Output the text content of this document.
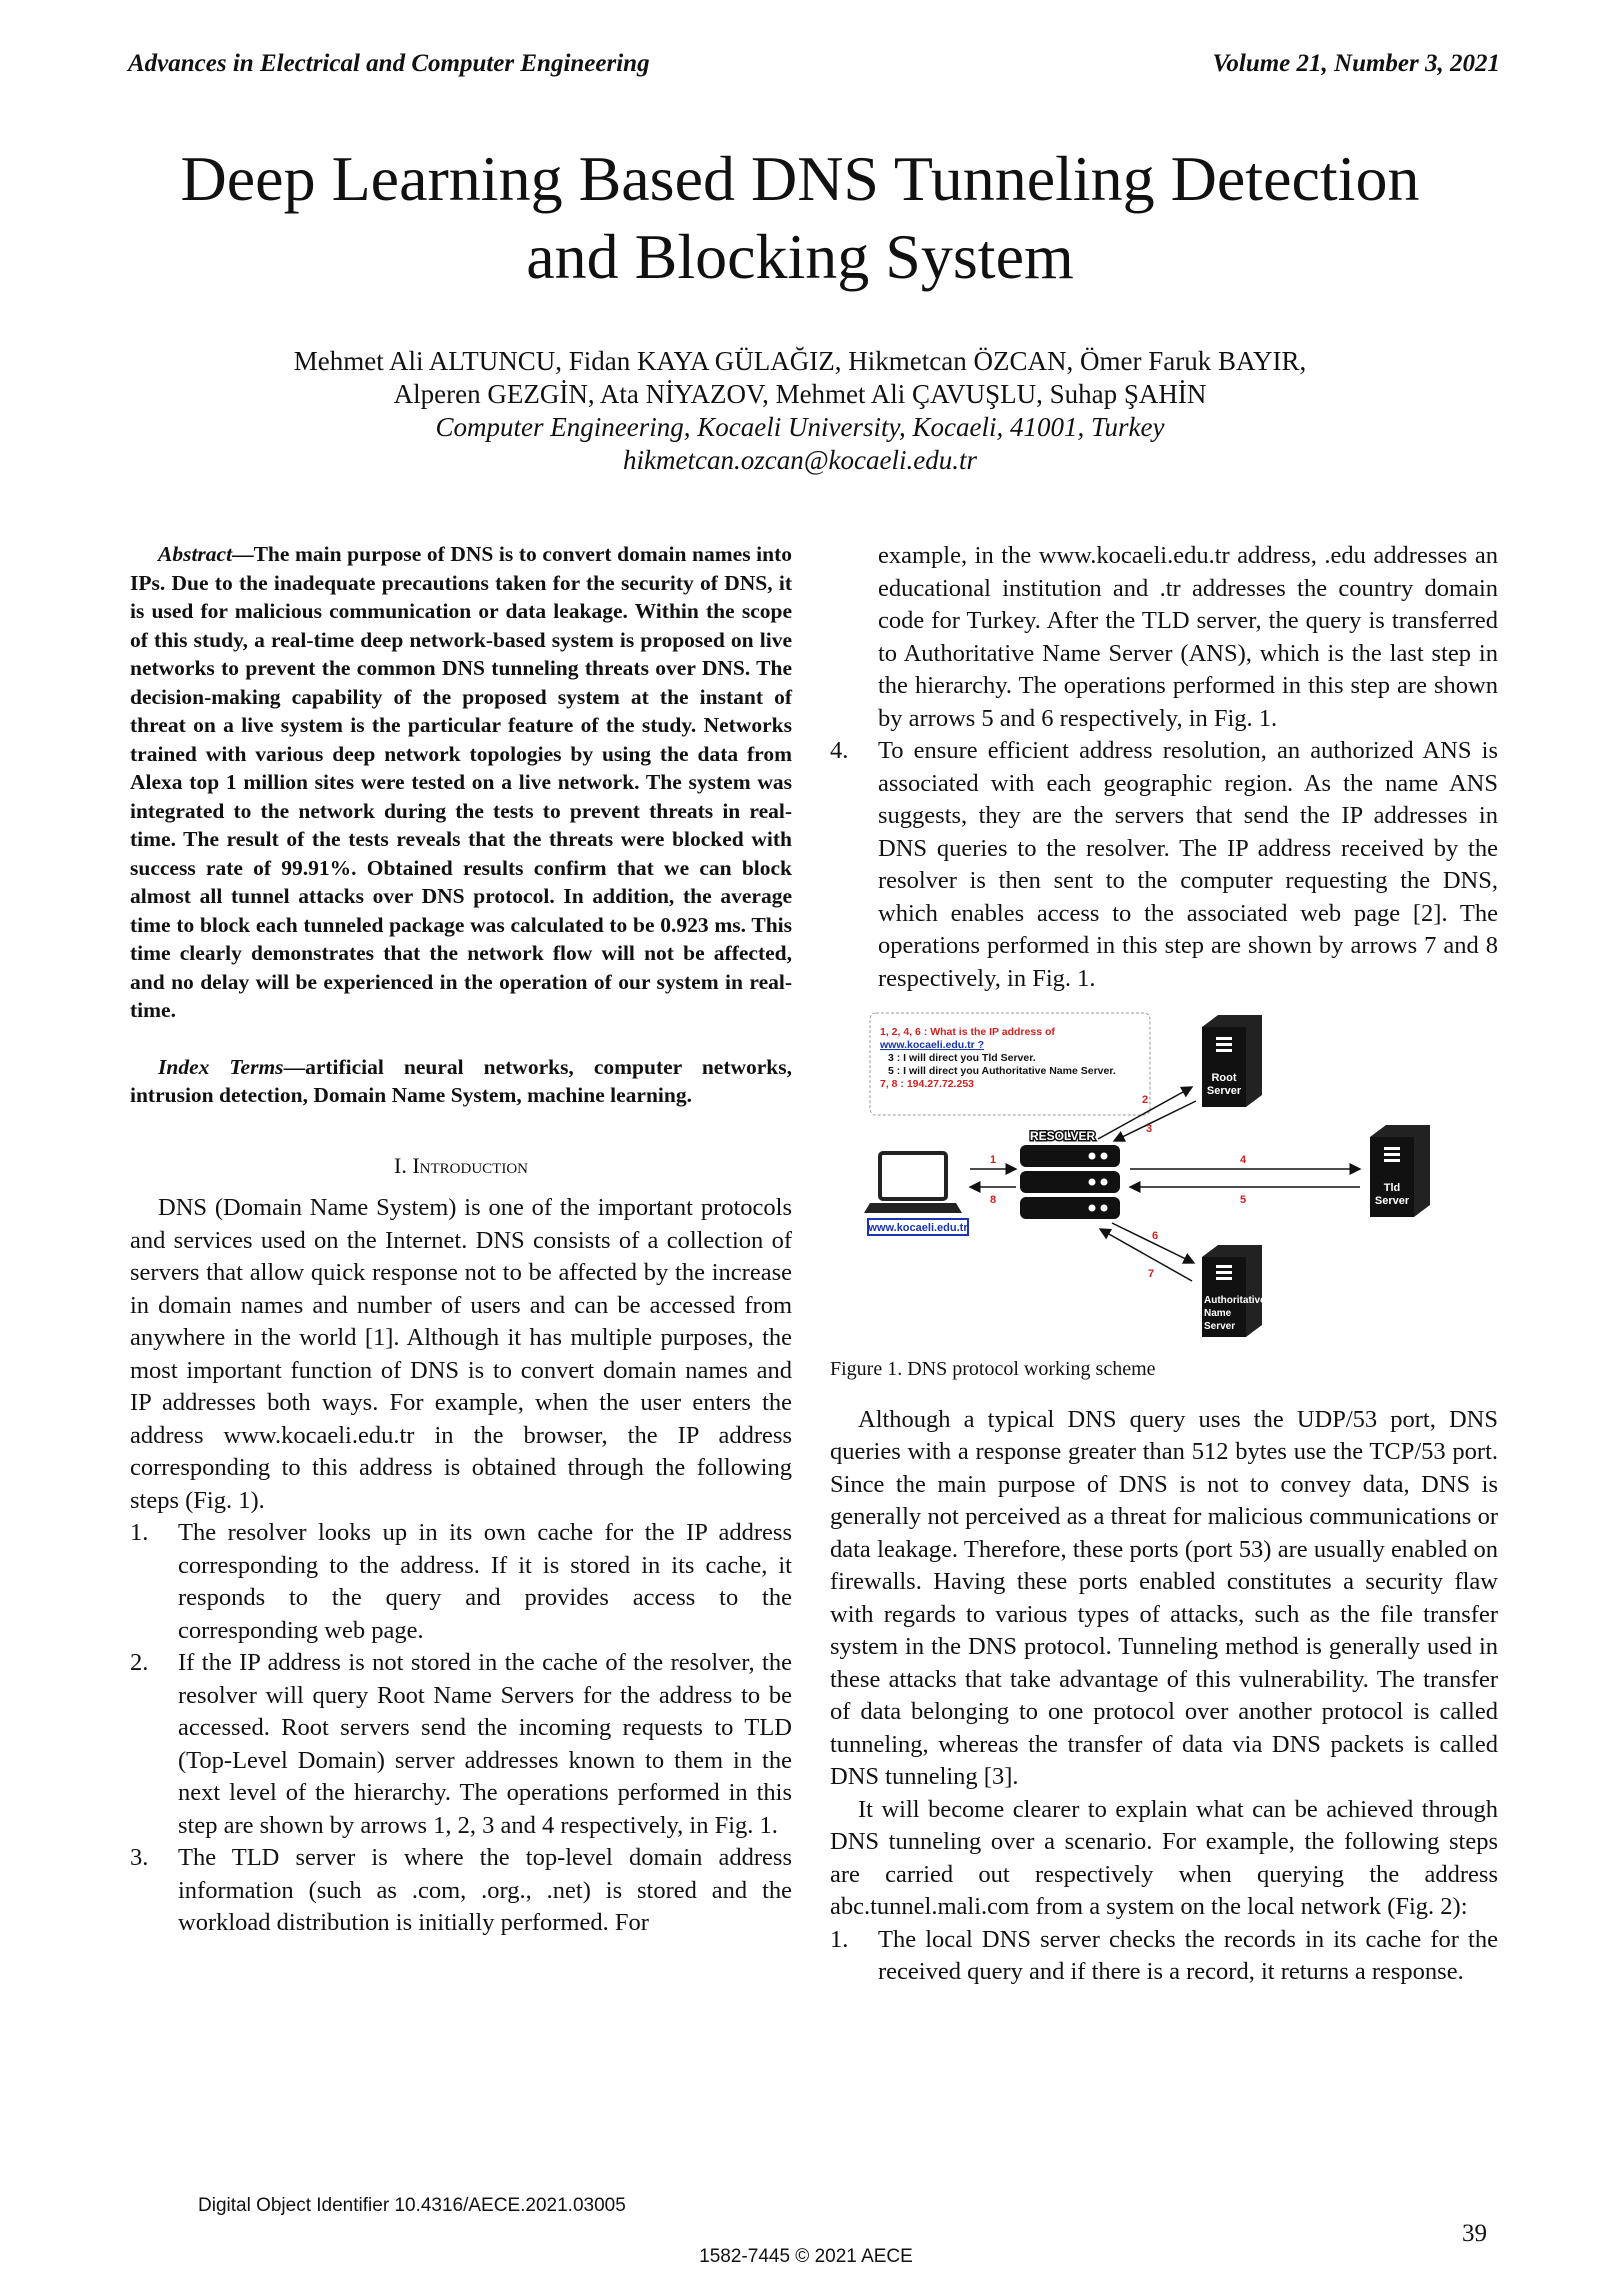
Advances in Electrical and Computer Engineering	Volume 21, Number 3, 2021
Deep Learning Based DNS Tunneling Detection
and Blocking System
Mehmet Ali ALTUNCU, Fidan KAYA GÜLAĞIZ, Hikmetcan ÖZCAN, Ömer Faruk BAYIR,
Alperen GEZGİN, Ata NİYAZOV, Mehmet Ali ÇAVUŞLU, Suhap ŞAHİN
Computer Engineering, Kocaeli University, Kocaeli, 41001, Turkey
hikmetcan.ozcan@kocaeli.edu.tr

Abstract—The main purpose of DNS is to convert domain names into IPs. Due to the inadequate precautions taken for the security of DNS, it is used for malicious communication or data leakage. Within the scope of this study, a real-time deep network-based system is proposed on live networks to prevent the common DNS tunneling threats over DNS. The decision-making capability of the proposed system at the instant of threat on a live system is the particular feature of the study. Networks trained with various deep network topologies by using the data from Alexa top 1 million sites were tested on a live network. The system was integrated to the network during the tests to prevent threats in real-time. The result of the tests reveals that the threats were blocked with success rate of 99.91%. Obtained results confirm that we can block almost all tunnel attacks over DNS protocol. In addition, the average time to block each tunneled package was calculated to be 0.923 ms. This time clearly demonstrates that the network flow will not be affected, and no delay will be experienced in the operation of our system in real-time.

Index Terms—artificial neural networks, computer networks, intrusion detection, Domain Name System, machine learning.

I. Introduction

DNS (Domain Name System) is one of the important protocols and services used on the Internet. DNS consists of a collection of servers that allow quick response not to be affected by the increase in domain names and number of users and can be accessed from anywhere in the world [1]. Although it has multiple purposes, the most important function of DNS is to convert domain names and IP addresses both ways. For example, when the user enters the address www.kocaeli.edu.tr in the browser, the IP address corresponding to this address is obtained through the following steps (Fig. 1).

1. The resolver looks up in its own cache for the IP address corresponding to the address. If it is stored in its cache, it responds to the query and provides access to the corresponding web page.
2. If the IP address is not stored in the cache of the resolver, the resolver will query Root Name Servers for the address to be accessed. Root servers send the incoming requests to TLD (Top-Level Domain) server addresses known to them in the next level of the hierarchy. The operations performed in this step are shown by arrows 1, 2, 3 and 4 respectively, in Fig. 1.
3. The TLD server is where the top-level domain address information (such as .com, .org., .net) is stored and the workload distribution is initially performed. For

example, in the www.kocaeli.edu.tr address, .edu addresses an educational institution and .tr addresses the country domain code for Turkey. After the TLD server, the query is transferred to Authoritative Name Server (ANS), which is the last step in the hierarchy. The operations performed in this step are shown by arrows 5 and 6 respectively, in Fig. 1.

4. To ensure efficient address resolution, an authorized ANS is associated with each geographic region. As the name ANS suggests, they are the servers that send the IP addresses in DNS queries to the resolver. The IP address received by the resolver is then sent to the computer requesting the DNS, which enables access to the associated web page [2]. The operations performed in this step are shown by arrows 7 and 8 respectively, in Fig. 1.
1, 2, 4, 6 : What is the IP address of
www.kocaeli.edu.tr ?
3 : I will direct you Tld Server.
5 : I will direct you Authoritative Name Server.
7, 8 : 194.27.72.253	Root
Server
Tld
Server
Authoritative
Name
Server
RESOLVER
www.kocaeli.edu.tr
1
8
2
3
4
5
6
7
Figure 1. DNS protocol working scheme

Although a typical DNS query uses the UDP/53 port, DNS queries with a response greater than 512 bytes use the TCP/53 port. Since the main purpose of DNS is not to convey data, DNS is generally not perceived as a threat for malicious communications or data leakage. Therefore, these ports (port 53) are usually enabled on firewalls. Having these ports enabled constitutes a security flaw with regards to various types of attacks, such as the file transfer system in the DNS protocol. Tunneling method is generally used in these attacks that take advantage of this vulnerability. The transfer of data belonging to one protocol over another protocol is called tunneling, whereas the transfer of data via DNS packets is called DNS tunneling [3].

It will become clearer to explain what can be achieved through DNS tunneling over a scenario. For example, the following steps are carried out respectively when querying the address abc.tunnel.mali.com from a system on the local network (Fig. 2):

1. The local DNS server checks the records in its cache for the received query and if there is a record, it returns a response.
Digital Object Identifier 10.4316/AECE.2021.03005
39
1582-7445 © 2021 AECE
